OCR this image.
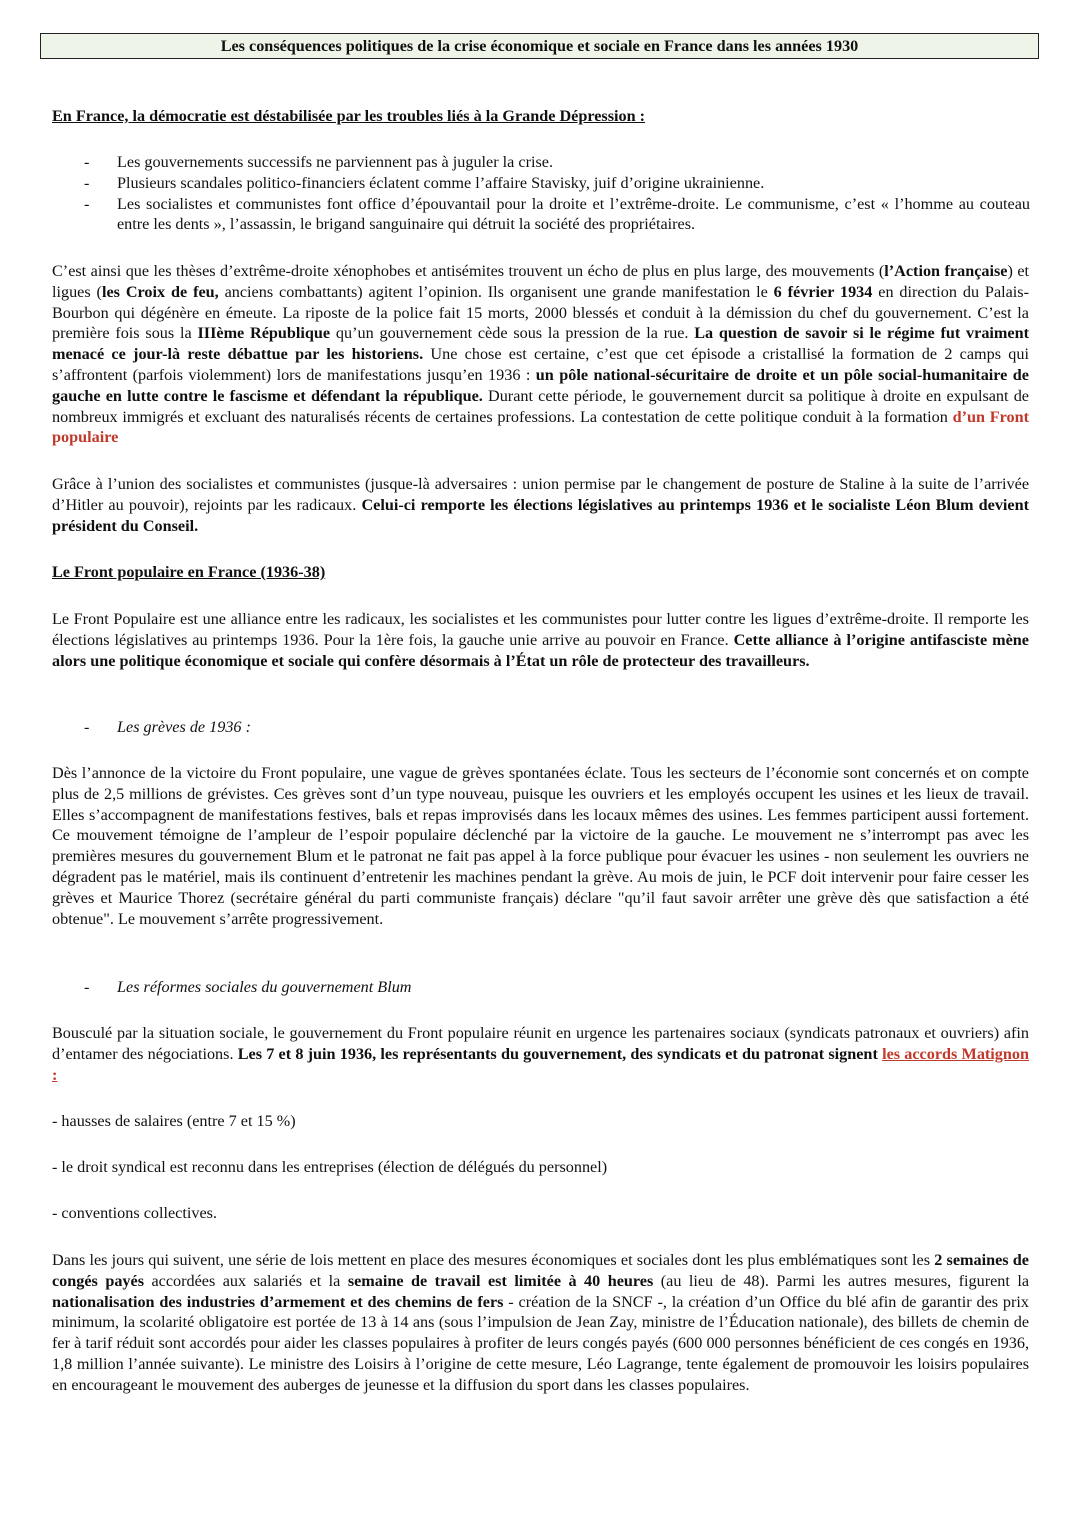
Les conséquences politiques de la crise économique et sociale en France dans les années 1930

En France, la démocratie est déstabilisée par les troubles liés à la Grande Dépression :

- Les gouvernements successifs ne parviennent pas à juguler la crise.
- Plusieurs scandales politico-financiers éclatent comme l’affaire Stavisky, juif d’origine ukrainienne.
- Les socialistes et communistes font office d’épouvantail pour la droite et l’extrême-droite. Le communisme, c’est « l’homme au couteau entre les dents », l’assassin, le brigand sanguinaire qui détruit la société des propriétaires.

C’est ainsi que les thèses d’extrême-droite xénophobes et antisémites trouvent un écho de plus en plus large, des mouvements (l’Action française) et ligues (les Croix de feu, anciens combattants) agitent l’opinion. Ils organisent une grande manifestation le 6 février 1934 en direction du Palais-Bourbon qui dégénère en émeute. La riposte de la police fait 15 morts, 2000 blessés et conduit à la démission du chef du gouvernement. C’est la première fois sous la IIIème République qu’un gouvernement cède sous la pression de la rue. La question de savoir si le régime fut vraiment menacé ce jour-là reste débattue par les historiens. Une chose est certaine, c’est que cet épisode a cristallisé la formation de 2 camps qui s’affrontent (parfois violemment) lors de manifestations jusqu’en 1936 : un pôle national-sécuritaire de droite et un pôle social-humanitaire de gauche en lutte contre le fascisme et défendant la république. Durant cette période, le gouvernement durcit sa politique à droite en expulsant de nombreux immigrés et excluant des naturalisés récents de certaines professions. La contestation de cette politique conduit à la formation d’un Front populaire

Grâce à l’union des socialistes et communistes (jusque-là adversaires : union permise par le changement de posture de Staline à la suite de l’arrivée d’Hitler au pouvoir), rejoints par les radicaux. Celui-ci remporte les élections législatives au printemps 1936 et le socialiste Léon Blum devient président du Conseil.

Le Front populaire en France (1936-38)

Le Front Populaire est une alliance entre les radicaux, les socialistes et les communistes pour lutter contre les ligues d’extrême-droite. Il remporte les élections législatives au printemps 1936. Pour la 1ère fois, la gauche unie arrive au pouvoir en France. Cette alliance à l’origine antifasciste mène alors une politique économique et sociale qui confère désormais à l’État un rôle de protecteur des travailleurs.

- Les grèves de 1936 :

Dès l’annonce de la victoire du Front populaire, une vague de grèves spontanées éclate. Tous les secteurs de l’économie sont concernés et on compte plus de 2,5 millions de grévistes. Ces grèves sont d’un type nouveau, puisque les ouvriers et les employés occupent les usines et les lieux de travail. Elles s’accompagnent de manifestations festives, bals et repas improvisés dans les locaux mêmes des usines. Les femmes participent aussi fortement. Ce mouvement témoigne de l’ampleur de l’espoir populaire déclenché par la victoire de la gauche. Le mouvement ne s’interrompt pas avec les premières mesures du gouvernement Blum et le patronat ne fait pas appel à la force publique pour évacuer les usines - non seulement les ouvriers ne dégradent pas le matériel, mais ils continuent d’entretenir les machines pendant la grève. Au mois de juin, le PCF doit intervenir pour faire cesser les grèves et Maurice Thorez (secrétaire général du parti communiste français) déclare "qu’il faut savoir arrêter une grève dès que satisfaction a été obtenue". Le mouvement s’arrête progressivement.

- Les réformes sociales du gouvernement Blum

Bousculé par la situation sociale, le gouvernement du Front populaire réunit en urgence les partenaires sociaux (syndicats patronaux et ouvriers) afin d’entamer des négociations. Les 7 et 8 juin 1936, les représentants du gouvernement, des syndicats et du patronat signent les accords Matignon :

- hausses de salaires (entre 7 et 15 %)

- le droit syndical est reconnu dans les entreprises (élection de délégués du personnel)

- conventions collectives.

Dans les jours qui suivent, une série de lois mettent en place des mesures économiques et sociales dont les plus emblématiques sont les 2 semaines de congés payés accordées aux salariés et la semaine de travail est limitée à 40 heures (au lieu de 48). Parmi les autres mesures, figurent la nationalisation des industries d’armement et des chemins de fers - création de la SNCF -, la création d’un Office du blé afin de garantir des prix minimum, la scolarité obligatoire est portée de 13 à 14 ans (sous l’impulsion de Jean Zay, ministre de l’Éducation nationale), des billets de chemin de fer à tarif réduit sont accordés pour aider les classes populaires à profiter de leurs congés payés (600 000 personnes bénéficient de ces congés en 1936, 1,8 million l’année suivante). Le ministre des Loisirs à l’origine de cette mesure, Léo Lagrange, tente également de promouvoir les loisirs populaires en encourageant le mouvement des auberges de jeunesse et la diffusion du sport dans les classes populaires.
